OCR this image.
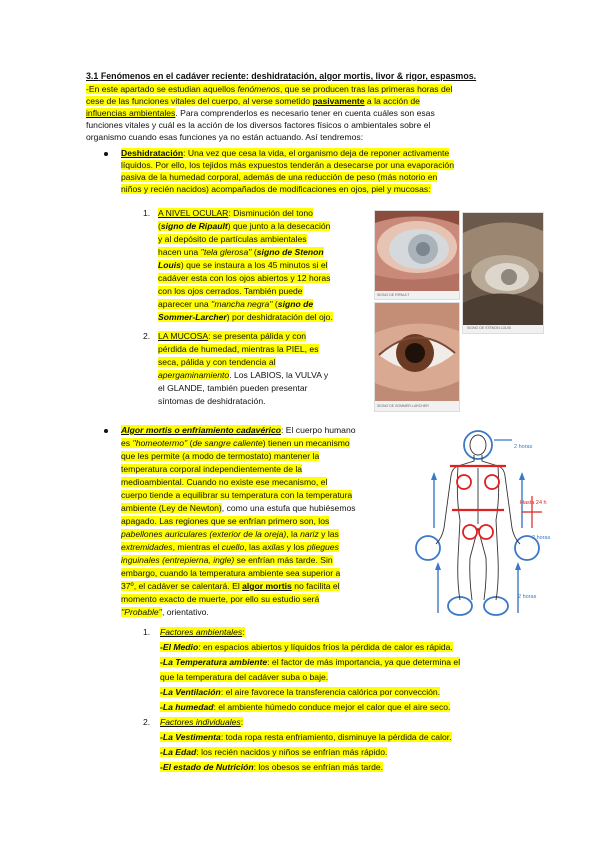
3.1 Fenómenos en el cadáver reciente: deshidratación, algor mortis, livor & rigor, espasmos.
-En este apartado se estudian aquellos fenómenos, que se producen tras las primeras horas del
cese de las funciones vitales del cuerpo, al verse sometido pasivamente a la acción de
influencias ambientales. Para comprenderlos es necesario tener en cuenta cuáles son esas
funciones vitales y cuál es la acción de los diversos factores físicos o ambientales sobre el
organismo cuando esas funciones ya no están actuando. Así tendremos:
Deshidratación: Una vez que cesa la vida, el organismo deja de reponer activamente
líquidos. Por ello, los tejidos más expuestos tenderán a desecarse por una evaporación
pasiva de la humedad corporal, además de una reducción de peso (más notorio en
niños y recién nacidos) acompañados de modificaciones en ojos, piel y mucosas:
1. A NIVEL OCULAR: Disminución del tono
(signo de Ripault) que junto a la desecación
y al depósito de partículas ambientales
hacen una ''tela glerosa'' (signo de Stenon
Louis) que se instaura a los 45 minutos si el
cadáver esta con los ojos abiertos y 12 horas
con los ojos cerrados. También puede
aparecer una ''mancha negra'' (signo de
Sommer-Larcher) por deshidratación del ojo.
2. LA MUCOSA: se presenta pálida y con
pérdida de humedad, mientras la PIEL, es
seca, pálida y con tendencia al
apergaminamiento. Los LABIOS, la VULVA y
el GLANDE, también pueden presentar
síntomas de deshidratación.
SIGNO DE RIPAULT
SIGNO DE STENON LOUIS
SIGNO DE SOMMER-LARCHER
Algor mortis o enfriamiento cadavérico: El cuerpo humano
es ''homeotermo'' (de sangre caliente) tienen un mecanismo
que les permite (a modo de termostato) mantener la
temperatura corporal independientemente de la
medioambiental. Cuando no existe ese mecanismo, el
cuerpo tiende a equilibrar su temperatura con la temperatura
ambiente (Ley de Newton), como una estufa que hubiésemos
apagado. Las regiones que se enfrían primero son, los
pabellones auriculares (exterior de la oreja), la nariz y las
extremidades, mientras el cuello, las axilas y los pliegues
inguinales (entrepierna, ingle) se enfrían más tarde. Sin
embargo, cuando la temperatura ambiente sea superior a
37º, el cadáver se calentará. El algor mortis no facilita el
momento exacto de muerte, por ello su estudio será
''Probable'', orientativo.
1. Factores ambientales:
-El Medio: en espacios abiertos y líquidos fríos la pérdida de calor es rápida.
-La Temperatura ambiente: el factor de más importancia, ya que determina el
que la temperatura del cadáver suba o baje.
-La Ventilación: el aire favorece la transferencia calórica por convección.
-La humedad: el ambiente húmedo conduce mejor el calor que el aire seco.
2. Factores individuales:
-La Vestimenta: toda ropa resta enfriamiento, disminuye la pérdida de calor.
-La Edad: los recién nacidos y niños se enfrían más rápido.
-El estado de Nutrición: los obesos se enfrían más tarde.
2 horas
Hasta 24 h
2 horas
2 horas
